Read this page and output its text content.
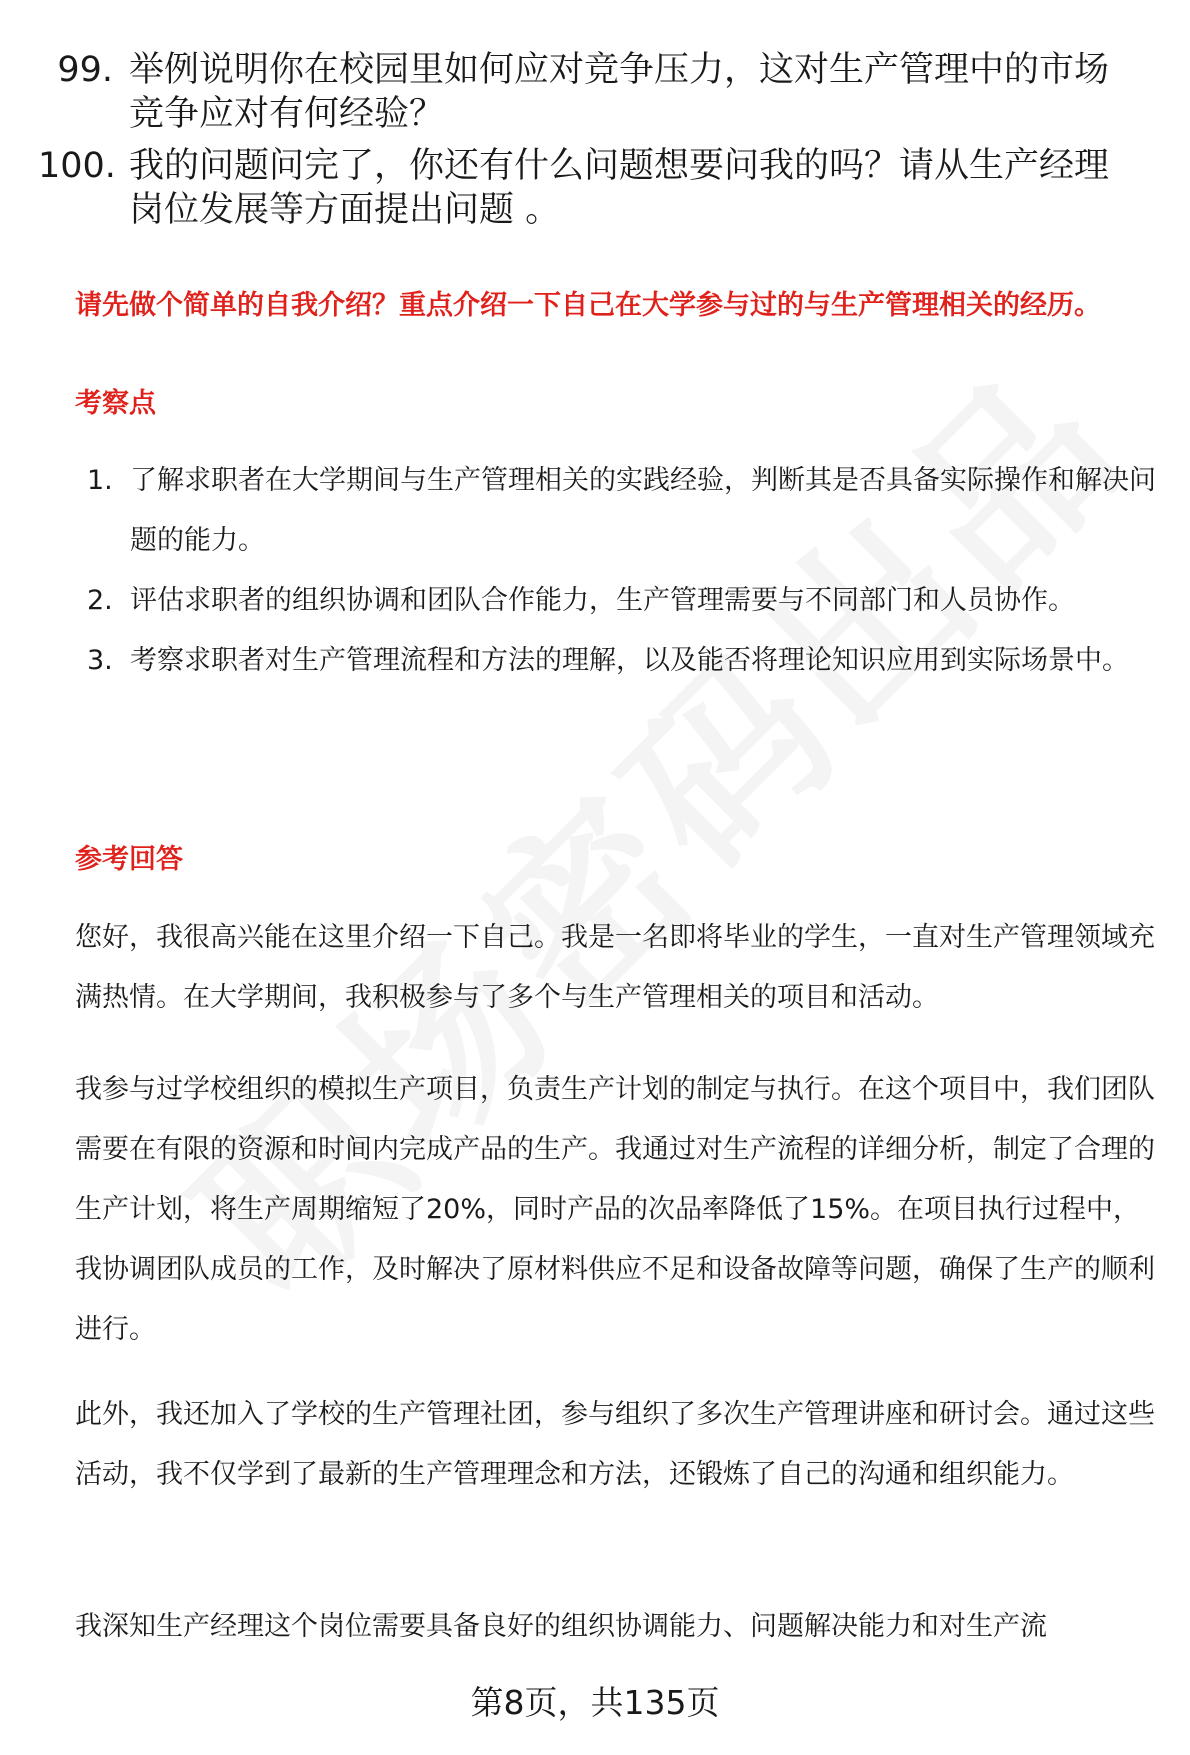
99. 举例说明你在校园里如何应对竞争压力，这对生产管理中的市场竞争应对有何经验？
100. 我的问题问完了，你还有什么问题想要问我的吗？请从生产经理岗位发展等方面提出问题 。
请先做个简单的自我介绍？重点介绍一下自己在大学参与过的与生产管理相关的经历。
考察点
1. 了解求职者在大学期间与生产管理相关的实践经验，判断其是否具备实际操作和解决问题的能力。
2. 评估求职者的组织协调和团队合作能力，生产管理需要与不同部门和人员协作。
3. 考察求职者对生产管理流程和方法的理解，以及能否将理论知识应用到实际场景中。
参考回答

您好，我很高兴能在这里介绍一下自己。我是一名即将毕业的学生，一直对生产管理领域充满热情。在大学期间，我积极参与了多个与生产管理相关的项目和活动。

我参与过学校组织的模拟生产项目，负责生产计划的制定与执行。在这个项目中，我们团队需要在有限的资源和时间内完成产品的生产。我通过对生产流程的详细分析，制定了合理的生产计划，将生产周期缩短了20%，同时产品的次品率降低了15%。在项目执行过程中，我协调团队成员的工作，及时解决了原材料供应不足和设备故障等问题，确保了生产的顺利进行。

此外，我还加入了学校的生产管理社团，参与组织了多次生产管理讲座和研讨会。通过这些活动，我不仅学到了最新的生产管理理念和方法，还锻炼了自己的沟通和组织能力。

我深知生产经理这个岗位需要具备良好的组织协调能力、问题解决能力和对生产流

第8页，共135页
